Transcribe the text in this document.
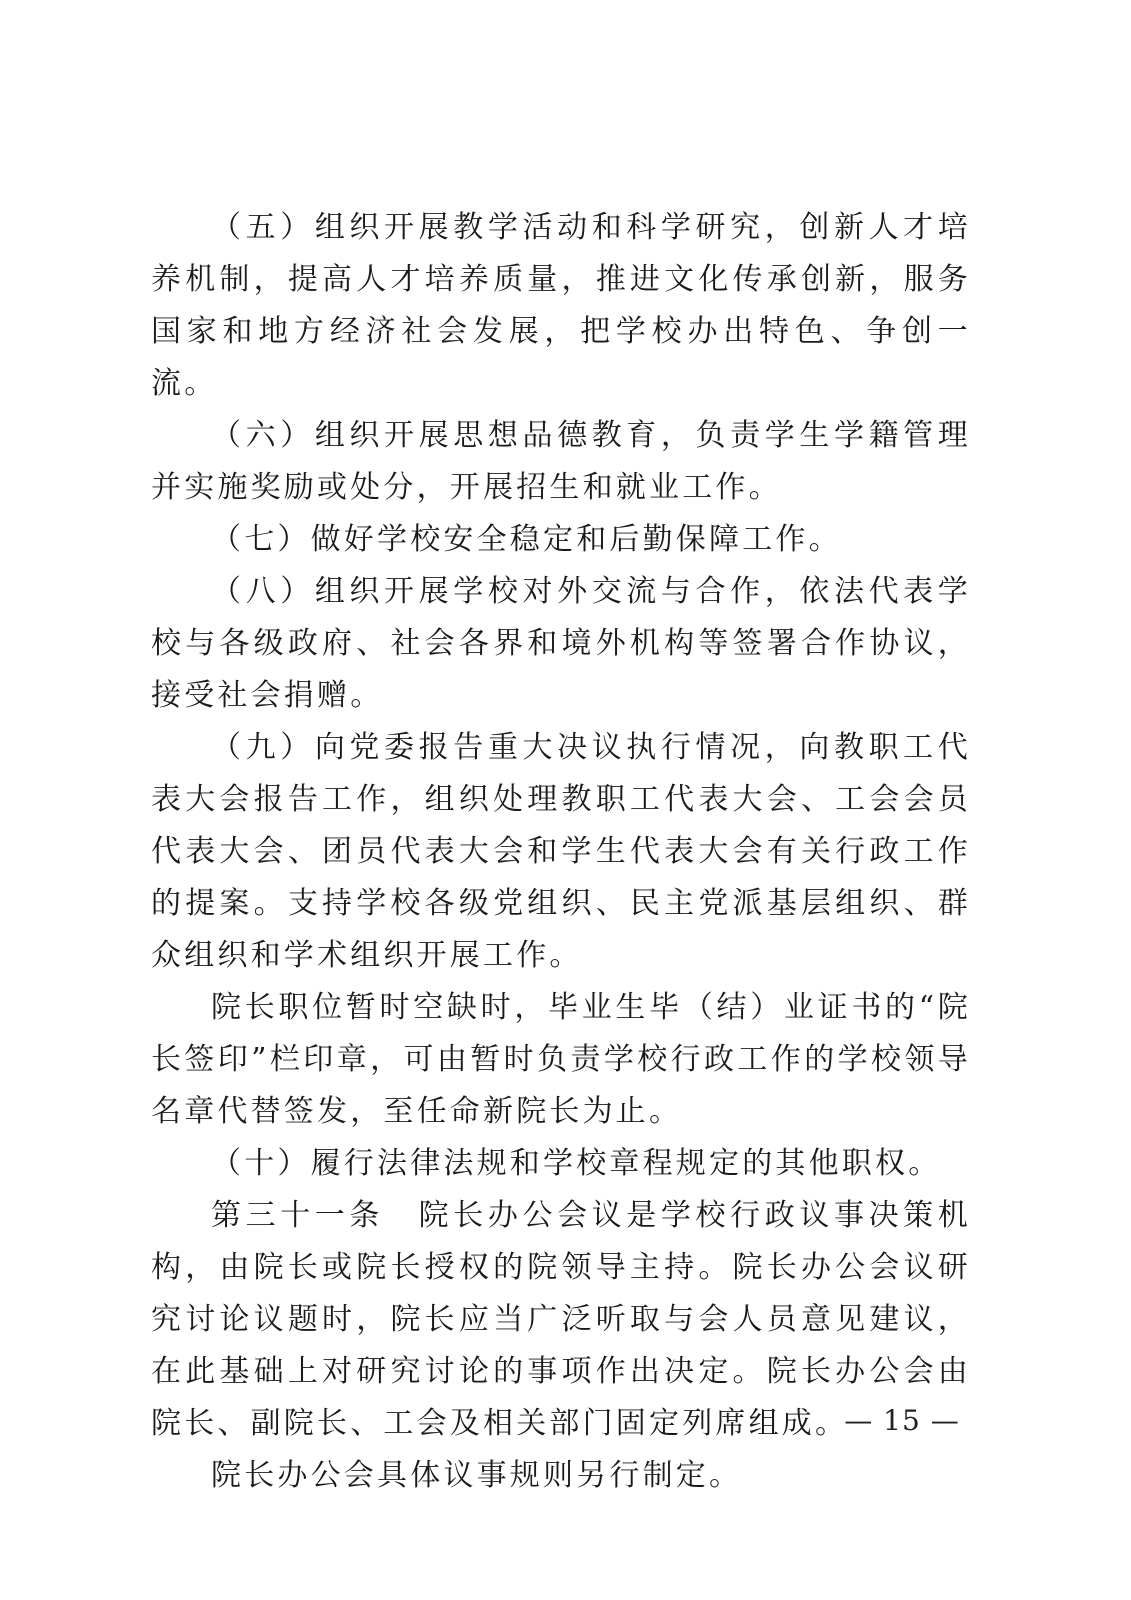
（五）组织开展教学活动和科学研究，创新人才培养机制，提高人才培养质量，推进文化传承创新，服务国家和地方经济社会发展，把学校办出特色、争创一流。

（六）组织开展思想品德教育，负责学生学籍管理并实施奖励或处分，开展招生和就业工作。

（七）做好学校安全稳定和后勤保障工作。

（八）组织开展学校对外交流与合作，依法代表学校与各级政府、社会各界和境外机构等签署合作协议，接受社会捐赠。

（九）向党委报告重大决议执行情况，向教职工代表大会报告工作，组织处理教职工代表大会、工会会员代表大会、团员代表大会和学生代表大会有关行政工作的提案。支持学校各级党组织、民主党派基层组织、群众组织和学术组织开展工作。

院长职位暂时空缺时，毕业生毕（结）业证书的“院长签印”栏印章，可由暂时负责学校行政工作的学校领导名章代替签发，至任命新院长为止。

（十）履行法律法规和学校章程规定的其他职权。

第三十一条　院长办公会议是学校行政议事决策机构，由院长或院长授权的院领导主持。院长办公会议研究讨论议题时，院长应当广泛听取与会人员意见建议，在此基础上对研究讨论的事项作出决定。院长办公会由院长、副院长、工会及相关部门固定列席组成。

院长办公会具体议事规则另行制定。

— 15 —
